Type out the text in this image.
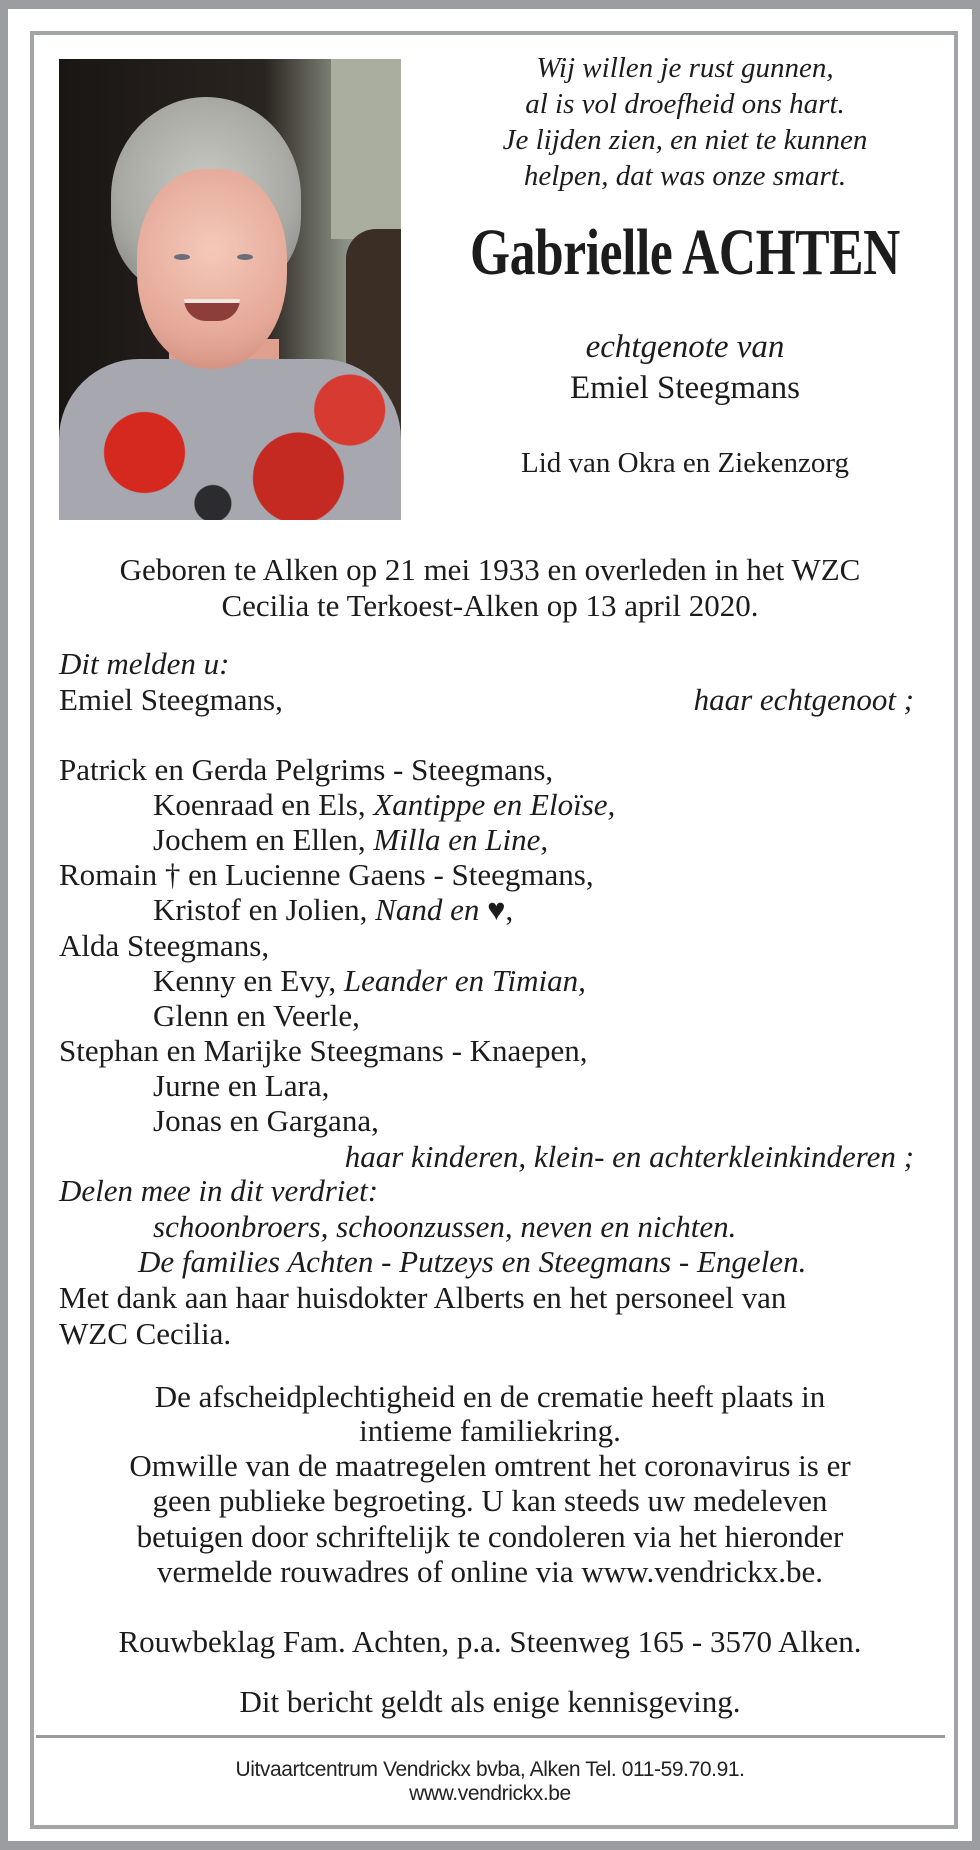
Wij willen je rust gunnen,
al is vol droefheid ons hart.
Je lijden zien, en niet te kunnen
helpen, dat was onze smart.
Gabrielle ACHTEN
echtgenote van
Emiel Steegmans
Lid van Okra en Ziekenzorg
Geboren te Alken op 21 mei 1933 en overleden in het WZC
Cecilia te Terkoest-Alken op 13 april 2020.
Dit melden u:
Emiel Steegmans,	haar echtgenoot ;
Patrick en Gerda Pelgrims - Steegmans,
Koenraad en Els, Xantippe en Eloïse,
Jochem en Ellen, Milla en Line,
Romain † en Lucienne Gaens - Steegmans,
Kristof en Jolien, Nand en ♥,
Alda Steegmans,
Kenny en Evy, Leander en Timian,
Glenn en Veerle,
Stephan en Marijke Steegmans - Knaepen,
Jurne en Lara,
Jonas en Gargana,
haar kinderen, klein- en achterkleinkinderen ;
Delen mee in dit verdriet:
schoonbroers, schoonzussen, neven en nichten.
De families Achten - Putzeys en Steegmans - Engelen.
Met dank aan haar huisdokter Alberts en het personeel van
WZC Cecilia.
De afscheidplechtigheid en de crematie heeft plaats in
intieme familiekring.
Omwille van de maatregelen omtrent het coronavirus is er
geen publieke begroeting. U kan steeds uw medeleven
betuigen door schriftelijk te condoleren via het hieronder
vermelde rouwadres of online via www.vendrickx.be.
Rouwbeklag Fam. Achten, p.a. Steenweg 165 - 3570 Alken.
Dit bericht geldt als enige kennisgeving.
Uitvaartcentrum Vendrickx bvba, Alken Tel. 011-59.70.91.
www.vendrickx.be
